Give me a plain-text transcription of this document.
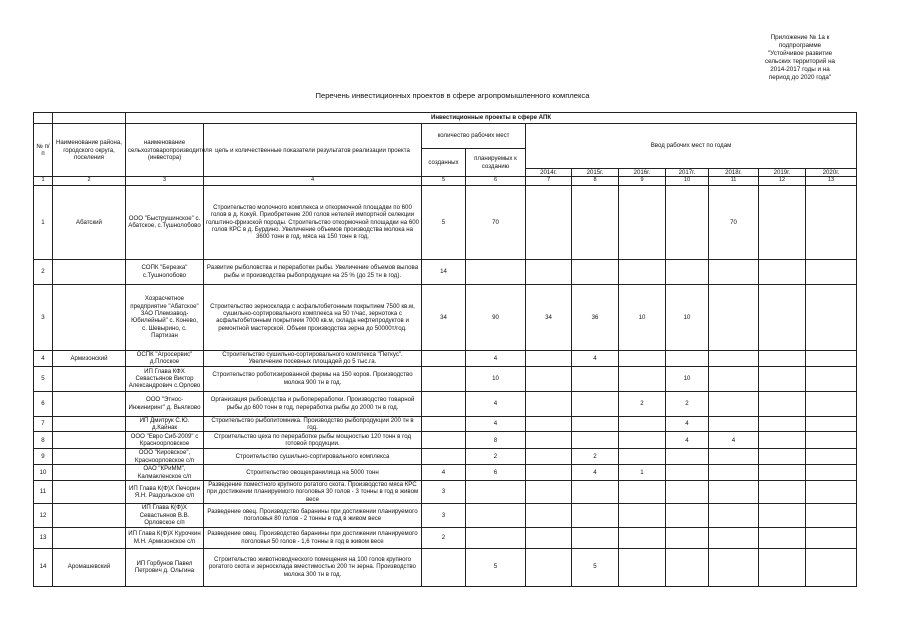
Приложение № 1а к
подпрограмме
"Устойчивое развитие
сельских территорий на
2014-2017 годы и на
период до 2020 года"
Перечень инвестиционных проектов в сфере агропромышленного комплекса
		Инвестиционные проекты в сфере АПК										
№ п/п	Наименование района, городского округа, поселения	наименование сельхозтоваропроизводителя (инвестора)	цель и количественные показатели результатов реализации проекта	количество рабочих мест		Ввод рабочих мест по годам						
				созданных	планируемых к созданию							
						2014г.	2015г.	2016г.	2017г.	2018г.	2019г.	2020г.
1	2	3	4	5	6	7	8	9	10	11	12	13
1	Абатский	ООО "Быструшинское" с. Абатское, с.Тушнолобово	Строительство молочного комплекса и откормочной площадки по 600 голов в д. Кокуй. Приобретение 200 голов нетелей импортной селекции голштино-фризской породы. Строительство откормочной площадки на 600 голов КРС в д. Бурдино. Увеличение объемов производства молока на 3600 тонн в год, мяса на 150 тонн в год.	5	70					70		
2		СОПК "Березка" с.Тушнолобово	Развитие рыболовства и переработки рыбы. Увеличение объемов вылова рыбы и производства рыбопродукции на 25 % (до 25 тн в год).	14								
3		Хозрасчетное предприятие "Абатское" ЗАО Племзавод-Юбилейный" с. Конево, с. Шевырино, с. Партизан	Строительство зерносклада с асфальтобетонным покрытием 7500 кв.м, сушильно-сортировального комплекса на 50 т/час, зернотока с асфальтобетонным покрытием 7000 кв.м, склада нефтепродуктов и ремонтной мастерской. Объем производства зерна до 50000т/год.	34	90	34	36	10	10			
4	Армизонский	ОСПК "Агросервис" д.Плоское	Строительство сушильно-сортировального комплекса "Петкус". Увеличение посевных площадей до 5 тыс.га.		4		4					
5		ИП Глава КФХ Севастьянов Виктор Александрович с.Орлово	Строительство роботизированной фермы на 150 коров. Производство молока 900 тн в год.		10				10			
6		ООО "Этнос-Инжиниринг" д. Вьялково	Организация рыбоводства и рыбопереработки. Производство товарной рыбы до 600 тонн в год, переработка рыбы до 2000 тн в год.		4			2	2			
7		ИП Дмитрук С.Ю. д.Кайнак	Строительство рыбопитомника. Производство рыбопродукции 200 тн в год.		4				4			
8		ООО "Евро Сиб-2009" с Красноорловское	Строительство цеха по переработке рыбы мощностью 120 тонн в год готовой продукции.		8				4	4		
9		ООО "Кировское", Красноорловское с/п	Строительство сушильно-сортировального комплекса		2		2					
10		ОАО "КРиММ", Калмакленское с/п	Строительство овощехранилища на 5000 тонн	4	6		4	1				
11		ИП Глава К(Ф)Х Печорин Я.Н. Раздольское с/п	Разведение поместного крупного рогатого скота. Производство мяса КРС при достижении планируемого поголовья 30 голов - 3 тонны в год в живом весе	3								
12		ИП Глава К(Ф)Х Севастьянов В.В. Орловское с/п	Разведение овец. Производство баранины при достижении планируемого поголовья 80 голов - 2 тонны в год в живом весе	3								
13		ИП Глава К(Ф)Х Курочкин М.Н. Армизонское с/п	Разведение овец. Производство баранины при достижении планируемого поголовья 50 голов - 1,6 тонны в год в живом весе	2								
14	Аромашевский	ИП Горбунов Павел Петрович д. Ольгина	Строительство животноводческого помещения на 100 голов крупного рогатого скота и зерносклада вместимостью 200 тн зерна. Производство молока 300 тн в год.		5		5					
